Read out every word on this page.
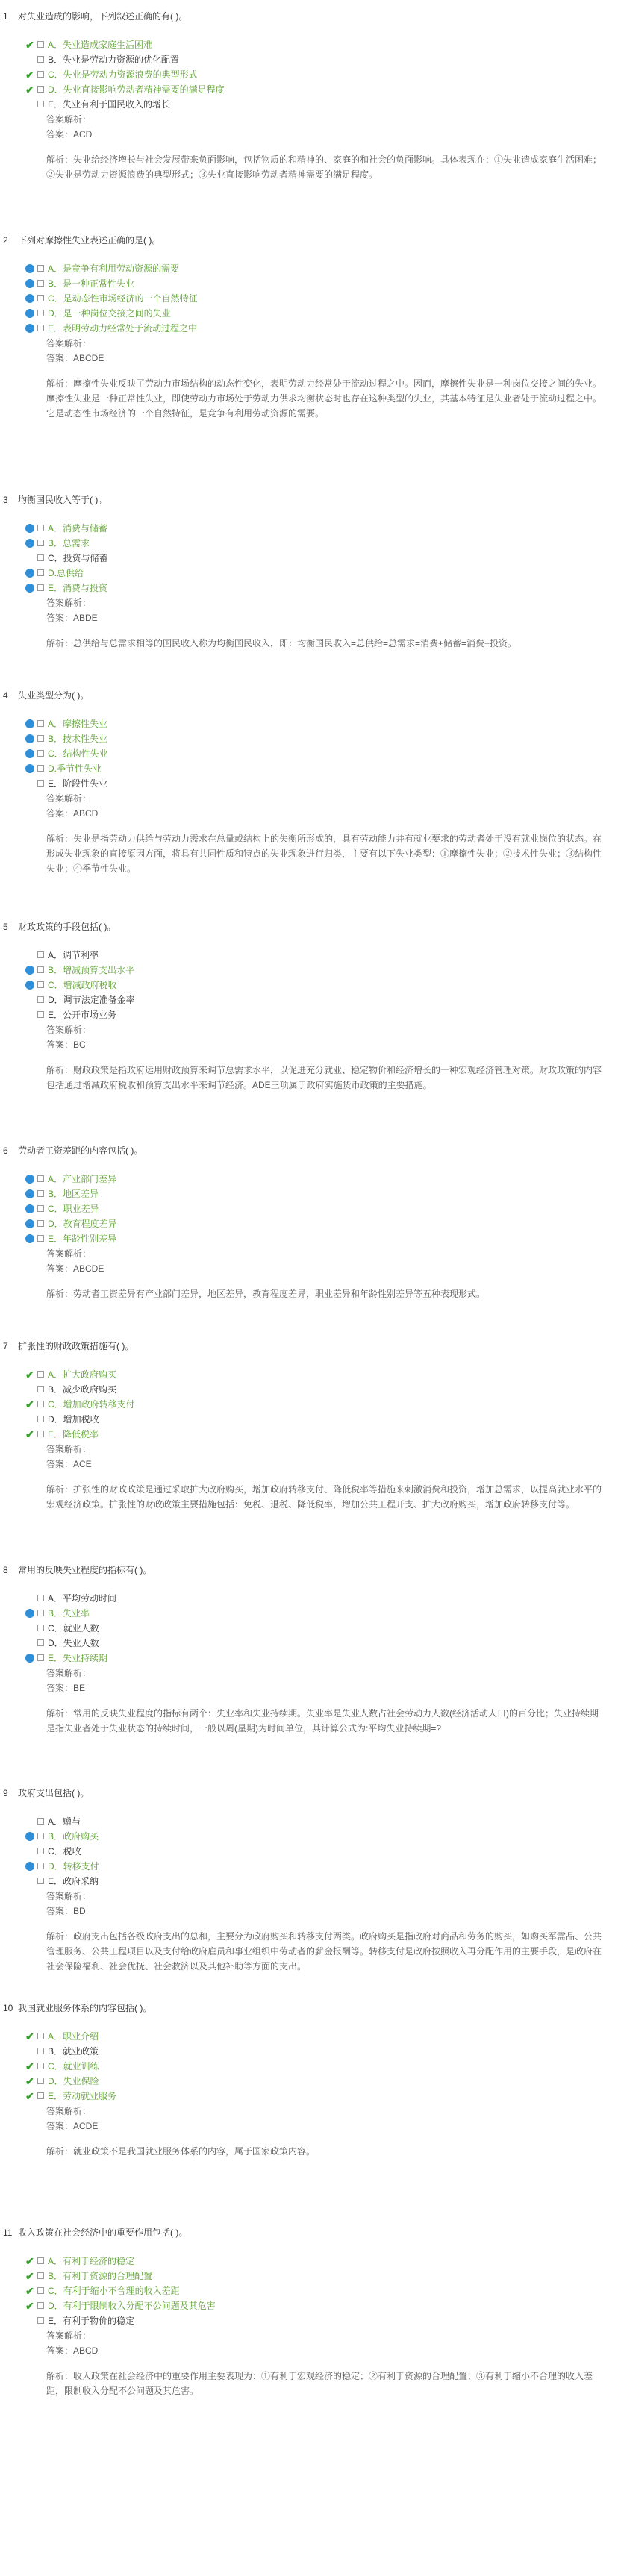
1	对失业造成的影响，下列叙述正确的有( )。
✔ A．失业造成家庭生活困难
B．失业是劳动力资源的优化配置
✔ C．失业是劳动力资源浪费的典型形式
✔ D．失业直接影响劳动者精神需要的满足程度
E．失业有利于国民收入的增长
答案解析：
答案：ACD
解析：失业给经济增长与社会发展带来负面影响，包括物质的和精神的、家庭的和社会的负面影响。具体表现在：①失业造成家庭生活困难；②失业是劳动力资源浪费的典型形式；③失业直接影响劳动者精神需要的满足程度。
2	下列对摩擦性失业表述正确的是( )。
A．是竞争有利用劳动资源的需要
B．是一种正常性失业
C．是动态性市场经济的一个自然特征
D．是一种岗位交接之间的失业
E．表明劳动力经常处于流动过程之中
答案解析：
答案：ABCDE
解析：摩擦性失业反映了劳动力市场结构的动态性变化，表明劳动力经常处于流动过程之中。因而，摩擦性失业是一种岗位交接之间的失业。摩擦性失业是一种正常性失业，即使劳动力市场处于劳动力供求均衡状态时也存在这种类型的失业，其基本特征是失业者处于流动过程之中。它是动态性市场经济的一个自然特征，是竞争有利用劳动资源的需要。
3	均衡国民收入等于( )。
A．消费与储蓄
B．总需求
C．投资与储蓄
D.总供给
E．消费与投资
答案解析：
答案：ABDE
解析：总供给与总需求相等的国民收入称为均衡国民收入，即：均衡国民收入=总供给=总需求=消费+储蓄=消费+投资。
4	失业类型分为( )。
A．摩擦性失业
B．技术性失业
C．结构性失业
D.季节性失业
E．阶段性失业
答案解析：
答案：ABCD
解析：失业是指劳动力供给与劳动力需求在总量或结构上的失衡所形成的，具有劳动能力并有就业要求的劳动者处于没有就业岗位的状态。在形成失业现象的直接原因方面，将具有共同性质和特点的失业现象进行归类，主要有以下失业类型：①摩擦性失业；②技术性失业；③结构性失业；④季节性失业。
5	财政政策的手段包括( )。
A．调节利率
B．增减预算支出水平
C．增减政府税收
D．调节法定准备金率
E．公开市场业务
答案解析：
答案：BC
解析：财政政策是指政府运用财政预算来调节总需求水平，以促进充分就业、稳定物价和经济增长的一种宏观经济管理对策。财政政策的内容包括通过增减政府税收和预算支出水平来调节经济。ADE三项属于政府实施货币政策的主要措施。
6	劳动者工资差距的内容包括( )。
A．产业部门差异
B．地区差异
C．职业差异
D．教育程度差异
E．年龄性别差异
答案解析：
答案：ABCDE
解析：劳动者工资差异有产业部门差异，地区差异，教育程度差异，职业差异和年龄性别差异等五种表现形式。
7	扩张性的财政政策措施有( )。
✔ A．扩大政府购买
B．减少政府购买
✔ C．增加政府转移支付
D．增加税收
✔ E．降低税率
答案解析：
答案：ACE
解析：扩张性的财政政策是通过采取扩大政府购买，增加政府转移支付、降低税率等措施来刺激消费和投资，增加总需求，以提高就业水平的宏观经济政策。扩张性的财政政策主要措施包括：免税、退税、降低税率，增加公共工程开支、扩大政府购买，增加政府转移支付等。
8	常用的反映失业程度的指标有( )。
A．平均劳动时间
B．失业率
C．就业人数
D．失业人数
E．失业持续期
答案解析：
答案：BE
解析：常用的反映失业程度的指标有两个：失业率和失业持续期。失业率是失业人数占社会劳动力人数(经济活动人口)的百分比；失业持续期是指失业者处于失业状态的持续时间，一般以周(星期)为时间单位，其计算公式为:平均失业持续期=?
9	政府支出包括( )。
A．赠与
B．政府购买
C．税收
D．转移支付
E．政府采纳
答案解析：
答案：BD
解析：政府支出包括各级政府支出的总和，主要分为政府购买和转移支付两类。政府购买是指政府对商品和劳务的购买，如购买军需品、公共管理服务、公共工程项目以及支付给政府雇员和事业组织中劳动者的薪金报酬等。转移支付是政府按照收入再分配作用的主要手段，是政府在社会保险福利、社会优抚、社会救济以及其他补助等方面的支出。
10 我国就业服务体系的内容包括( )。
✔ A．职业介绍
B．就业政策
✔ C．就业训练
✔ D．失业保险
✔ E．劳动就业服务
答案解析：
答案：ACDE
解析：就业政策不是我国就业服务体系的内容，属于国家政策内容。
11 收入政策在社会经济中的重要作用包括( )。
✔ A．有利于经济的稳定
✔ B．有利于资源的合理配置
✔ C．有利于缩小不合理的收入差距
✔ D．有利于限制收入分配不公问题及其危害
E．有利于物价的稳定
答案解析：
答案：ABCD
解析：收入政策在社会经济中的重要作用主要表现为：①有利于宏观经济的稳定；②有利于资源的合理配置；③有利于缩小不合理的收入差距，限制收入分配不公问题及其危害。
